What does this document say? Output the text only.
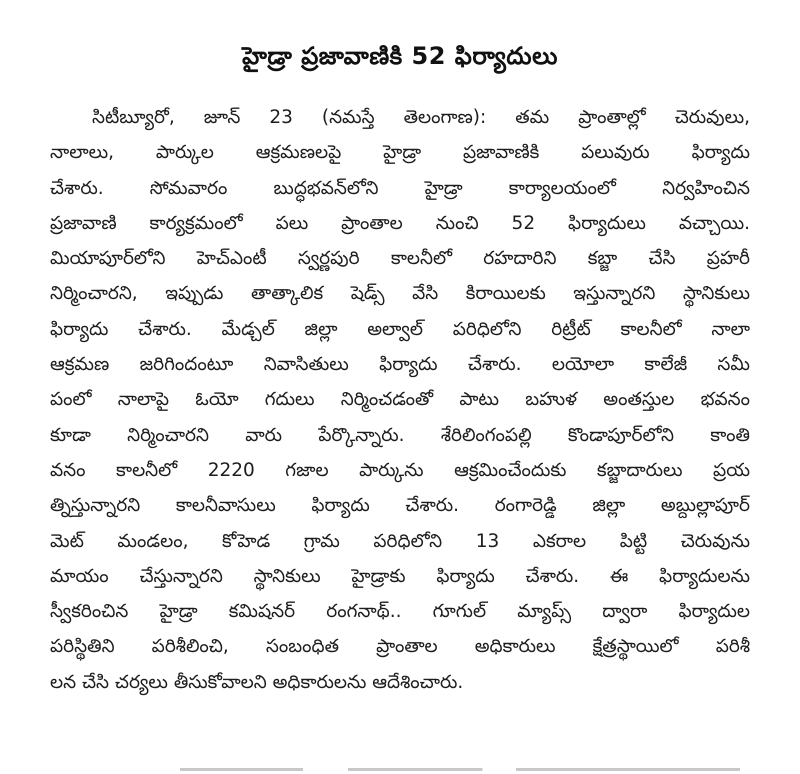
హైడ్రా ప్రజావాణికి 52 ఫిర్యాదులు
సిటీబ్యూరో, జూన్ 23 (నమస్తే తెలంగాణ): తమ ప్రాంతాల్లో చెరువులు,
నాలాలు, పార్కుల ఆక్రమణలపై హైడ్రా ప్రజావాణికి పలువురు ఫిర్యాదు
చేశారు. సోమవారం బుద్ధభవన్‌లోని హైడ్రా కార్యాలయంలో నిర్వహించిన
ప్రజావాణి కార్యక్రమంలో పలు ప్రాంతాల నుంచి 52 ఫిర్యాదులు వచ్చాయి.
మియాపూర్‌లోని హెచ్‌ఎంటీ స్వర్ణపురి కాలనీలో రహదారిని కబ్జా చేసి ప్రహరీ
నిర్మించారని, ఇప్పుడు తాత్కాలిక షెడ్స్ వేసి కిరాయిలకు ఇస్తున్నారని స్థానికులు
ఫిర్యాదు చేశారు. మేడ్చల్ జిల్లా అల్వాల్ పరిధిలోని రిట్రీట్ కాలనీలో నాలా
ఆక్రమణ జరిగిందంటూ నివాసితులు ఫిర్యాదు చేశారు. లయోలా కాలేజీ సమీ
పంలో నాలాపై ఓయో గదులు నిర్మించడంతో పాటు బహుళ అంతస్తుల భవనం
కూడా నిర్మించారని వారు పేర్కొన్నారు. శేరిలింగంపల్లి కొండాపూర్‌లోని కాంతి
వనం కాలనీలో 2220 గజాల పార్కును ఆక్రమించేందుకు కబ్జాదారులు ప్రయ
త్నిస్తున్నారని కాలనీవాసులు ఫిర్యాదు చేశారు. రంగారెడ్డి జిల్లా అబ్దుల్లాపూర్
మెట్ మండలం, కోహెడ గ్రామ పరిధిలోని 13 ఎకరాల పిట్టి చెరువును
మాయం చేస్తున్నారని స్థానికులు హైడ్రాకు ఫిర్యాదు చేశారు. ఈ ఫిర్యాదులను
స్వీకరించిన హైడ్రా కమిషనర్ రంగనాథ్.. గూగుల్ మ్యాప్స్ ద్వారా ఫిర్యాదుల
పరిస్థితిని పరిశీలించి, సంబంధిత ప్రాంతాల అధికారులు క్షేత్రస్థాయిలో పరిశీ
లన చేసి చర్యలు తీసుకోవాలని అధికారులను ఆదేశించారు.
